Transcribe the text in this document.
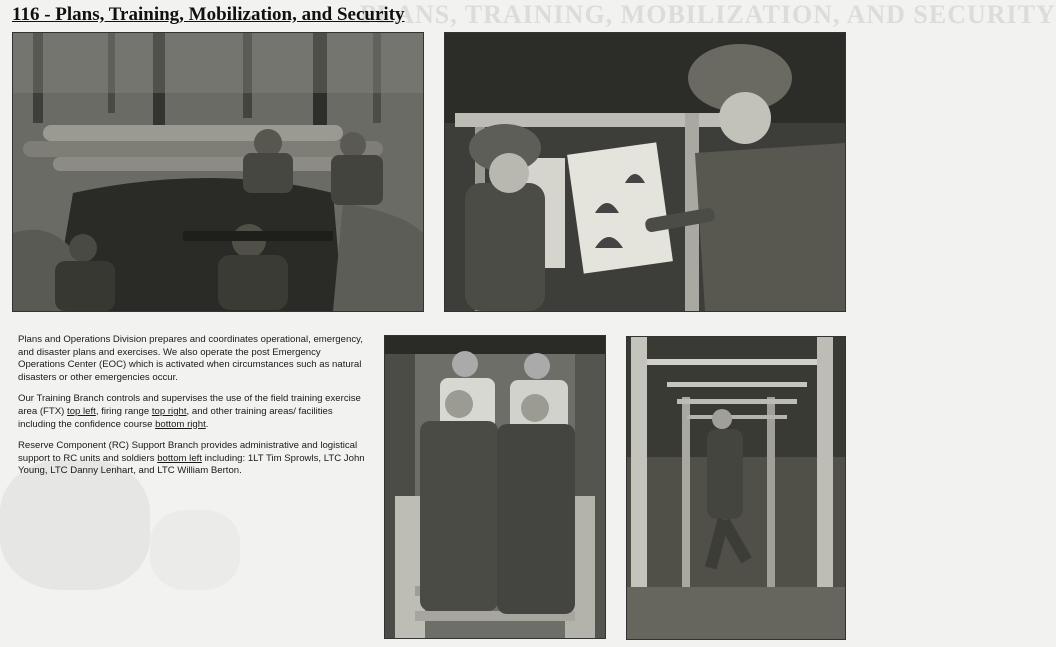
PLANS, TRAINING, MOBILIZATION, AND SECURITY
116 - Plans, Training, Mobilization, and Security

Plans and Operations Division prepares and coordinates operational, emergency, and disaster plans and exercises. We also operate the post Emergency Operations Center (EOC) which is activated when circumstances such as natural disasters or other emergencies occur.

Our Training Branch controls and supervises the use of the field training exercise area (FTX) top left, firing range top right, and other training areas/ facilities including the confidence course bottom right.

Reserve Component (RC) Support Branch provides administrative and logistical support to RC units and soldiers bottom left including: 1LT Tim Sprowls, LTC John Young, LTC Danny Lenhart, and LTC William Berton.
